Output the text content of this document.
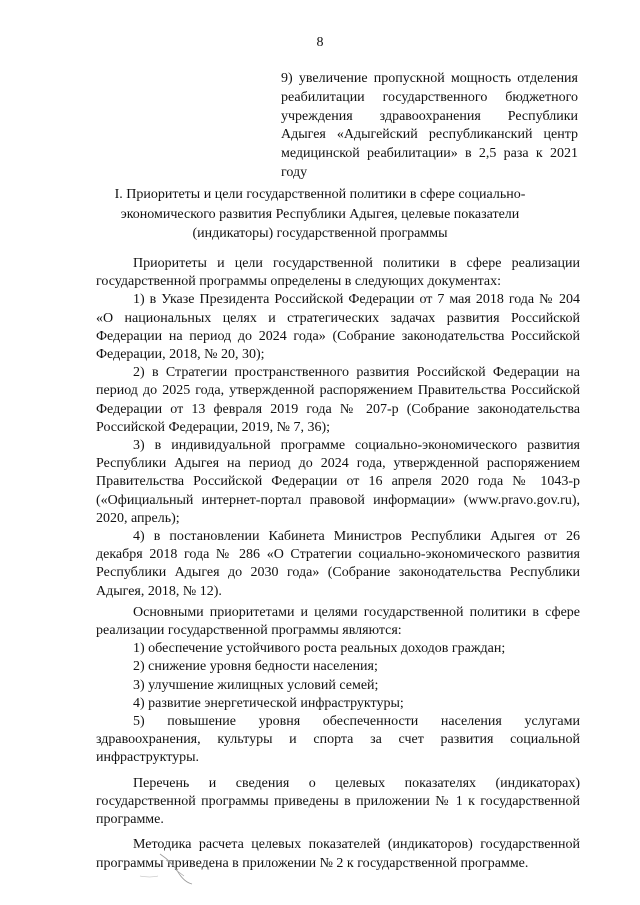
8
9) увеличение пропускной мощность отделения реабилитации государственного бюджетного учреждения здравоохранения Республики Адыгея «Адыгейский республиканский центр медицинской реабилитации» в 2,5 раза к 2021 году
I. Приоритеты и цели государственной политики в сфере социально-экономического развития Республики Адыгея, целевые показатели (индикаторы) государственной программы

Приоритеты и цели государственной политики в сфере реализации государственной программы определены в следующих документах:

1) в Указе Президента Российской Федерации от 7 мая 2018 года № 204 «О национальных целях и стратегических задачах развития Российской Федерации на период до 2024 года» (Собрание законодательства Российской Федерации, 2018, № 20, 30);

2) в Стратегии пространственного развития Российской Федерации на период до 2025 года, утвержденной распоряжением Правительства Российской Федерации от 13 февраля 2019 года № 207-р (Собрание законодательства Российской Федерации, 2019, № 7, 36);

3) в индивидуальной программе социально-экономического развития Республики Адыгея на период до 2024 года, утвержденной распоряжением Правительства Российской Федерации от 16 апреля 2020 года № 1043-р («Официальный интернет-портал правовой информации» (www.pravo.gov.ru), 2020, апрель);

4) в постановлении Кабинета Министров Республики Адыгея от 26 декабря 2018 года № 286 «О Стратегии социально-экономического развития Республики Адыгея до 2030 года» (Собрание законодательства Республики Адыгея, 2018, № 12).

Основными приоритетами и целями государственной политики в сфере реализации государственной программы являются:

1) обеспечение устойчивого роста реальных доходов граждан;

2) снижение уровня бедности населения;

3) улучшение жилищных условий семей;

4) развитие энергетической инфраструктуры;

5) повышение уровня обеспеченности населения услугами здравоохранения, культуры и спорта за счет развития социальной инфраструктуры.

Перечень и сведения о целевых показателях (индикаторах) государственной программы приведены в приложении № 1 к государственной программе.

Методика расчета целевых показателей (индикаторов) государственной программы приведена в приложении № 2 к государственной программе.
